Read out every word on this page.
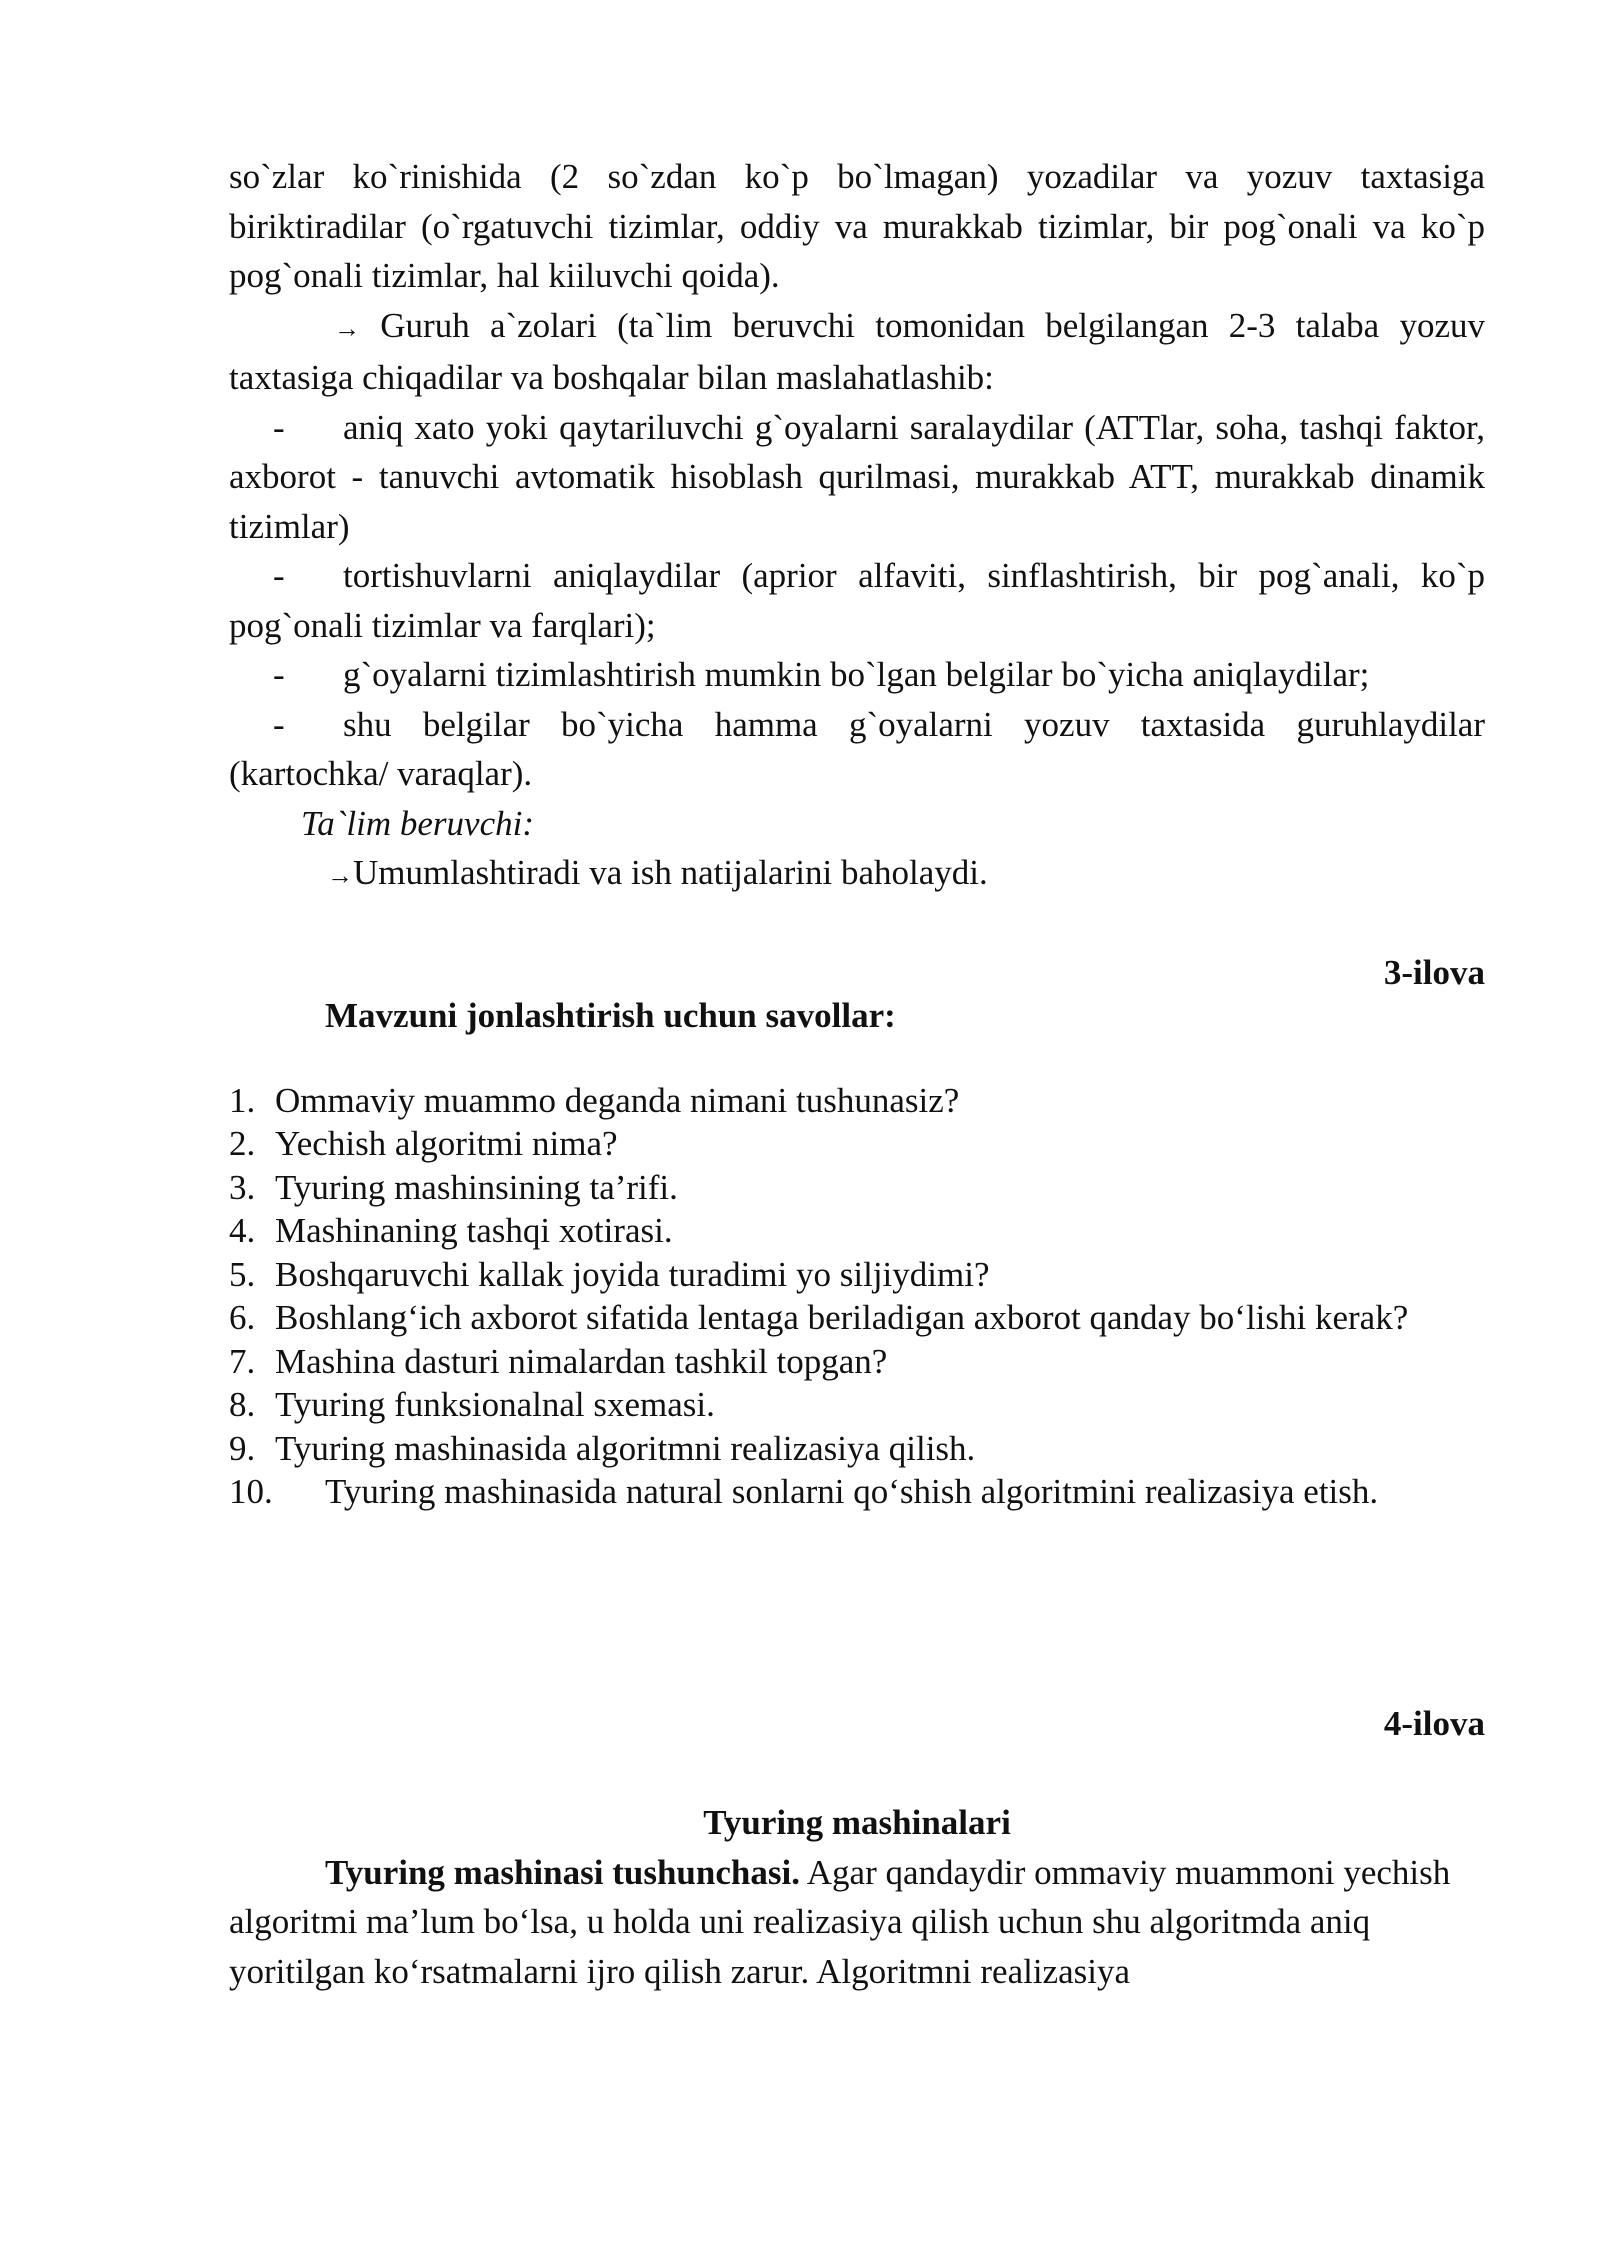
so`zlar ko`rinishida (2 so`zdan ko`p bo`lmagan) yozadilar va yozuv taxtasiga biriktiradilar (o`rgatuvchi tizimlar, oddiy va murakkab tizimlar, bir pog`onali va ko`p pog`onali tizimlar, hal kiiluvchi qoida).

→ Guruh a`zolari (ta`lim beruvchi tomonidan belgilangan 2-3 talaba yozuv taxtasiga chiqadilar va boshqalar bilan maslahatlashib:

- aniq xato yoki qaytariluvchi g`oyalarni saralaydilar (ATTlar, soha, tashqi faktor, axborot - tanuvchi avtomatik hisoblash qurilmasi, murakkab ATT, murakkab dinamik tizimlar)

- tortishuvlarni aniqlaydilar (aprior alfaviti, sinflashtirish, bir pog`anali, ko`p pog`onali tizimlar va farqlari);

- g`oyalarni tizimlashtirish mumkin bo`lgan belgilar bo`yicha aniqlaydilar;

- shu belgilar bo`yicha hamma g`oyalarni yozuv taxtasida guruhlaydilar (kartochka/ varaqlar).

Ta`lim beruvchi:

→Umumlashtiradi va ish natijalarini baholaydi.

3-ilova

Mavzuni jonlashtirish uchun savollar:

1. Ommaviy muammo deganda nimani tushunasiz?
2. Yechish algoritmi nima?
3. Tyuring mashinsining ta’rifi.
4. Mashinaning tashqi xotirasi.
5. Boshqaruvchi kallak joyida turadimi yo siljiydimi?
6. Boshlang‘ich axborot sifatida lentaga beriladigan axborot qanday bo‘lishi kerak?
7. Mashina dasturi nimalardan tashkil topgan?
8. Tyuring funksionalnal sxemasi.
9. Tyuring mashinasida algoritmni realizasiya qilish.
10. Tyuring mashinasida natural sonlarni qo‘shish algoritmini realizasiya etish.

4-ilova

Tyuring mashinalari

Tyuring mashinasi tushunchasi. Agar qandaydir ommaviy muammoni yechish algoritmi ma’lum bo‘lsa, u holda uni realizasiya qilish uchun shu algoritmda aniq yoritilgan ko‘rsatmalarni ijro qilish zarur. Algoritmni realizasiya
